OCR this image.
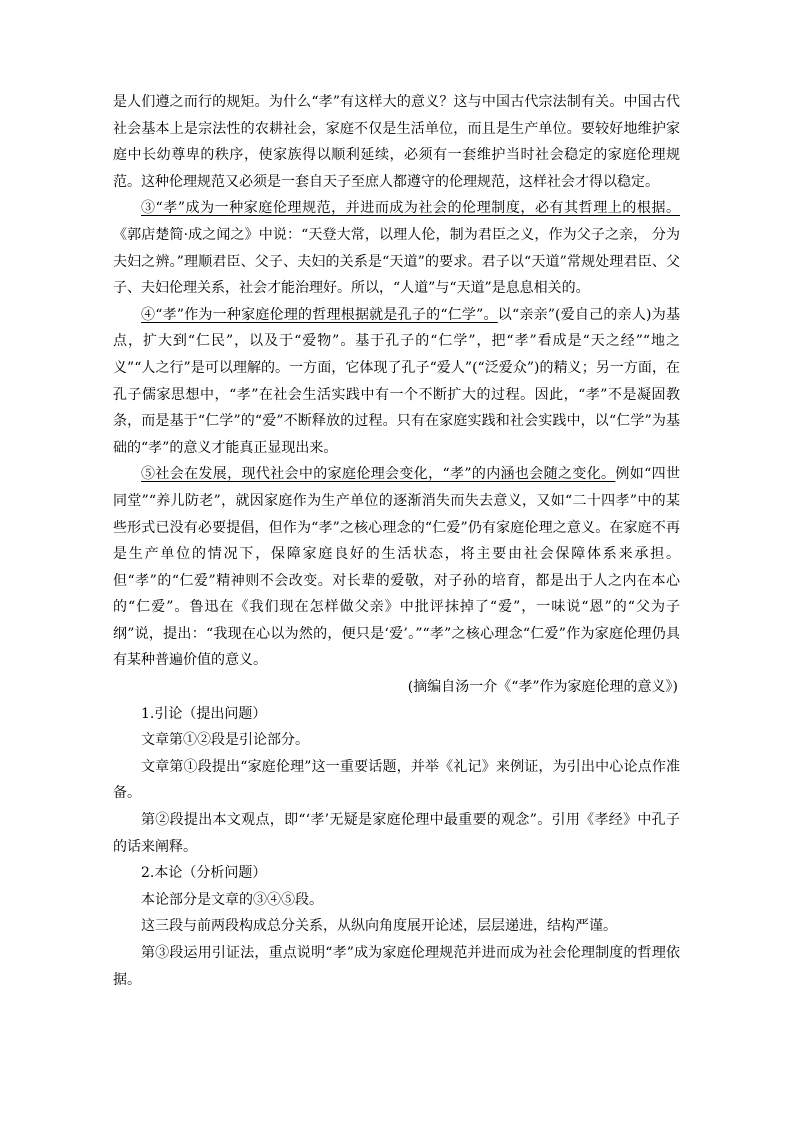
是人们遵之而行的规矩。为什么“孝”有这样大的意义？这与中国古代宗法制有关。中国古代社会基本上是宗法性的农耕社会，家庭不仅是生活单位，而且是生产单位。要较好地维护家庭中长幼尊卑的秩序，使家族得以顺利延续，必须有一套维护当时社会稳定的家庭伦理规范。这种伦理规范又必须是一套自天子至庶人都遵守的伦理规范，这样社会才得以稳定。

③“孝”成为一种家庭伦理规范，并进而成为社会的伦理制度，必有其哲理上的根据。《郭店楚简·成之闻之》中说：“天登大常，以理人伦，制为君臣之义，作为父子之亲， 分为夫妇之辨。”理顺君臣、父子、夫妇的关系是“天道”的要求。君子以“天道”常规处理君臣、父子、夫妇伦理关系，社会才能治理好。所以，“人道”与“天道”是息息相关的。

④“孝”作为一种家庭伦理的哲理根据就是孔子的“仁学”。以“亲亲”(爱自己的亲人)为基点，扩大到“仁民”，以及于“爱物”。基于孔子的“仁学”，把“孝”看成是“天之经”“地之义”“人之行”是可以理解的。一方面，它体现了孔子“爱人”(“泛爱众”)的精义；另一方面，在孔子儒家思想中，“孝”在社会生活实践中有一个不断扩大的过程。因此，“孝”不是凝固教条，而是基于“仁学”的“爱”不断释放的过程。只有在家庭实践和社会实践中，以“仁学”为基础的“孝”的意义才能真正显现出来。

⑤社会在发展，现代社会中的家庭伦理会变化，“孝”的内涵也会随之变化。例如“四世同堂”“养儿防老”，就因家庭作为生产单位的逐渐消失而失去意义，又如“二十四孝”中的某些形式已没有必要提倡，但作为“孝”之核心理念的“仁爱”仍有家庭伦理之意义。在家庭不再是生产单位的情况下，保障家庭良好的生活状态，将主要由社会保障体系来承担。但“孝”的“仁爱”精神则不会改变。对长辈的爱敬，对子孙的培育，都是出于人之内在本心的“仁爱”。鲁迅在《我们现在怎样做父亲》中批评抹掉了“爱”，一味说“恩”的“父为子纲”说，提出：“我现在心以为然的，便只是‘爱’。”“孝”之核心理念“仁爱”作为家庭伦理仍具有某种普遍价值的意义。

(摘编自汤一介《“孝”作为家庭伦理的意义》)

1.引论（提出问题）

文章第①②段是引论部分。

文章第①段提出“家庭伦理”这一重要话题，并举《礼记》来例证，为引出中心论点作准备。

第②段提出本文观点，即“‘孝’无疑是家庭伦理中最重要的观念”。引用《孝经》中孔子的话来阐释。

2.本论（分析问题）

本论部分是文章的③④⑤段。

这三段与前两段构成总分关系，从纵向角度展开论述，层层递进，结构严谨。

第③段运用引证法，重点说明“孝”成为家庭伦理规范并进而成为社会伦理制度的哲理依据。
